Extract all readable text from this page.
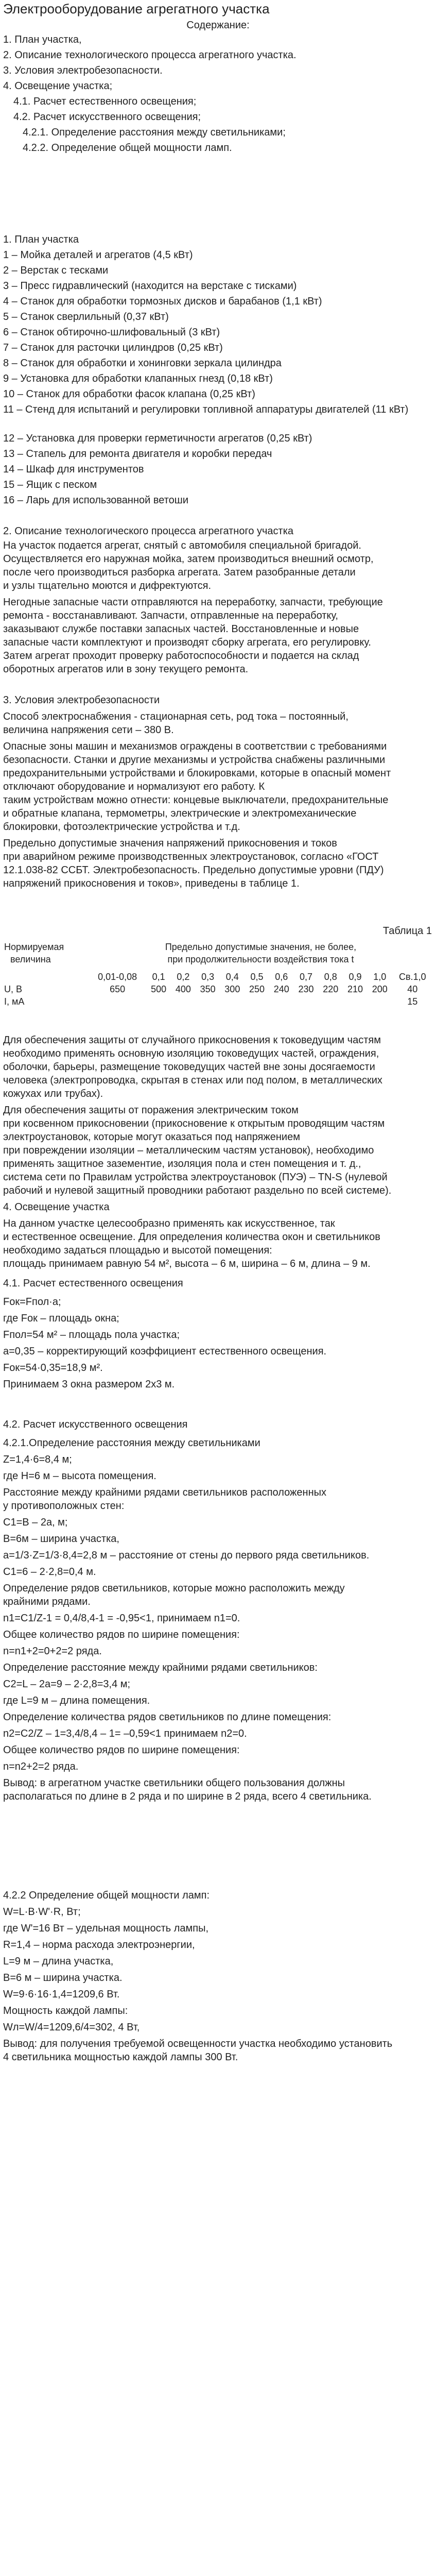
Электрооборудование агрегатного участка
Содержание:
1. План участка,
2. Описание технологического процесса агрегатного участка.
3. Условия электробезопасности.
4. Освещение участка;
4.1. Расчет естественного освещения;
4.2. Расчет искусственного освещения;
4.2.1. Определение расстояния между светильниками;
4.2.2. Определение общей мощности ламп.
1. План участка
1 – Мойка деталей и агрегатов (4,5 кВт)
2 – Верстак с тесками
3 – Пресс гидравлический (находится на верстаке с тисками)
4 – Станок для обработки тормозных дисков и барабанов (1,1 кВт)
5 – Станок сверлильный (0,37 кВт)
6 – Станок обтирочно-шлифовальный (3 кВт)
7 – Станок для расточки цилиндров (0,25 кВт)
8 – Станок для обработки и хонинговки зеркала цилиндра
9 – Установка для обработки клапанных гнезд (0,18 кВт)
10 – Станок для обработки фасок клапана (0,25 кВт)
11 – Стенд для испытаний и регулировки топливной аппаратуры двигателей (11 кВт)
12 – Установка для проверки герметичности агрегатов (0,25 кВт)
13 – Стапель для ремонта двигателя и коробки передач
14 – Шкаф для инструментов
15 – Ящик с песком
16 – Ларь для использованной ветоши
2. Описание технологического процесса агрегатного участка
На участок подается агрегат, снятый с автомобиля специальной бригадой.
Осуществляется его наружная мойка, затем производиться внешний осмотр,
после чего производиться разборка агрегата. Затем разобранные детали
и узлы тщательно моются и дифректуются.
Негодные запасные части отправляются на переработку, запчасти, требующие
ремонта - восстанавливают. Запчасти, отправленные на переработку,
заказывают службе поставки запасных частей. Восстановленные и новые
запасные части комплектуют и производят сборку агрегата, его регулировку.
Затем агрегат проходит проверку работоспособности и подается на склад
оборотных агрегатов или в зону текущего ремонта.
3. Условия электробезопасности
Способ электроснабжения - стационарная сеть, род тока – постоянный,
величина напряжения сети – 380 В.
Опасные зоны машин и механизмов ограждены в соответствии с требованиями
безопасности. Станки и другие механизмы и устройства снабжены различными
предохранительными устройствами и блокировками, которые в опасный момент
отключают оборудование и нормализуют его работу. К
таким устройствам можно отнести: концевые выключатели, предохранительные
и обратные клапана, термометры, электрические и электромеханические
блокировки, фотоэлектрические устройства и т.д.
Предельно допустимые значения напряжений прикосновения и токов
при аварийном режиме производственных электроустановок, согласно «ГОСТ
12.1.038-82 ССБТ. Электробезопасность. Предельно допустимые уровни (ПДУ)
напряжений прикосновения и токов», приведены в таблице 1.
Таблица 1
Нормируемая	Предельно допустимые значения, не более,											
величина	при продолжительности воздействия тока t											

	0,01-0,08	0,1	0,2	0,3	0,4	0,5	0,6	0,7	0,8	0,9	1,0	Св.1,0
U, B	650	500	400	350	300	250	240	230	220	210	200	40
I, мА												15
Для обеспечения защиты от случайного прикосновения к токоведущим частям
необходимо применять основную изоляцию токоведущих частей, ограждения,
оболочки, барьеры, размещение токоведущих частей вне зоны досягаемости
человека (электропроводка, скрытая в стенах или под полом, в металлических
кожухах или трубах).
Для обеспечения защиты от поражения электрическим током
при косвенном прикосновении (прикосновение к открытым проводящим частям
электроустановок, которые могут оказаться под напряжением
при повреждении изоляции – металлическим частям установок), необходимо
применять защитное зазементие, изоляция пола и стен помещения и т. д.,
система сети по Правилам устройства электроустановок (ПУЭ) – TN-S (нулевой
рабочий и нулевой защитный проводники работают раздельно по всей системе).
4. Освещение участка
На данном участке целесообразно применять как искусственное, так
и естественное освещение. Для определения количества окон и светильников
необходимо задаться площадью и высотой помещения:
площадь принимаем равную 54 м², высота – 6 м, ширина – 6 м, длина – 9 м.
4.1. Расчет естественного освещения
Fок=Fпол·a;
где Fок – площадь окна;
Fпол=54 м² – площадь пола участка;
a=0,35 – корректирующий коэффициент естественного освещения.
Fок=54·0,35=18,9 м².
Принимаем 3 окна размером 2х3 м.
4.2. Расчет искусственного освещения
4.2.1.Определение расстояния между светильниками
Z=1,4·6=8,4 м;
где H=6 м – высота помещения.
Расстояние между крайними рядами светильников расположенных
у противоположных стен:
C1=B – 2a, м;
B=6м – ширина участка,
a=1/3·Z=1/3·8,4=2,8 м – расстояние от стены до первого ряда светильников.
C1=6 – 2·2,8=0,4 м.
Определение рядов светильников, которые можно расположить между
крайними рядами.
n1=C1/Z-1 = 0,4/8,4-1 = -0,95<1, принимаем n1=0.
Общее количество рядов по ширине помещения:
n=n1+2=0+2=2 ряда.
Определение расстояние между крайними рядами светильников:
C2=L – 2a=9 – 2·2,8=3,4 м;
где L=9 м – длина помещения.
Определение количества рядов светильников по длине помещения:
n2=C2/Z – 1=3,4/8,4 – 1= –0,59<1 принимаем n2=0.
Общее количество рядов по ширине помещения:
n=n2+2=2 ряда.
Вывод: в агрегатном участке светильники общего пользования должны
располагаться по длине в 2 ряда и по ширине в 2 ряда, всего 4 светильника.
4.2.2 Определение общей мощности ламп:
W=L·B·W'·R, Вт;
где W'=16 Вт – удельная мощность лампы,
R=1,4 – норма расхода электроэнергии,
L=9 м – длина участка,
B=6 м – ширина участка.
W=9·6·16·1,4=1209,6 Вт.
Мощность каждой лампы:
Wл=W/4=1209,6/4=302, 4 Вт,
Вывод: для получения требуемой освещенности участка необходимо установить
4 светильника мощностью каждой лампы 300 Вт.
